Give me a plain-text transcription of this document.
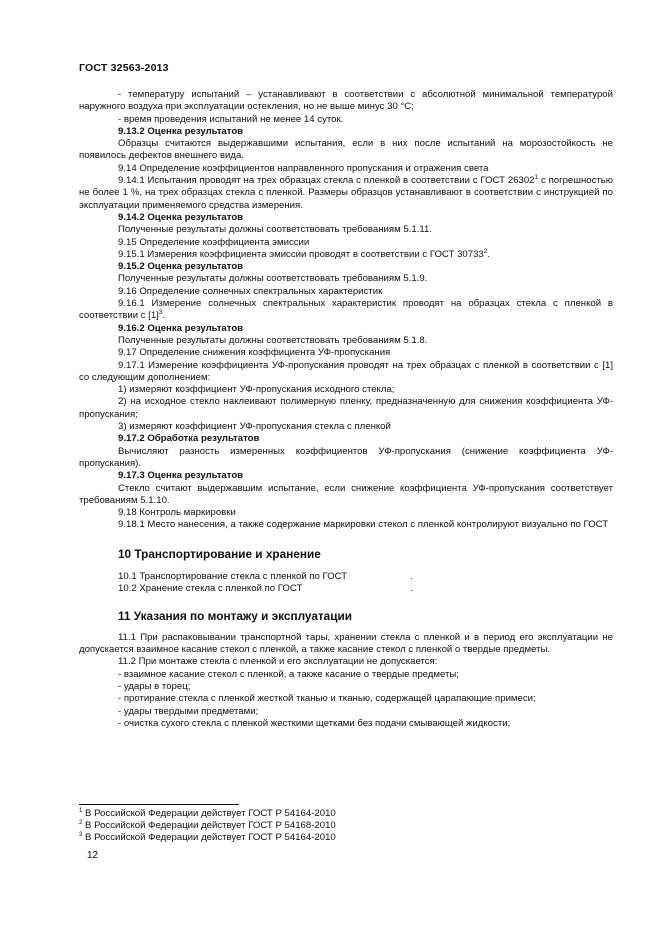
ГОСТ 32563-2013

- температуру испытаний – устанавливают в соответствии с абсолютной минимальной температурой наружного воздуха при эксплуатации остекления, но не выше минус 30 °С;

- время проведения испытаний не менее 14 суток.

9.13.2 Оценка результатов

Образцы считаются выдержавшими испытания, если в них после испытаний на морозостойкость не появилось дефектов внешнего вида.

9.14 Определение коэффициентов направленного пропускания и отражения света

9.14.1 Испытания проводят на трех образцах стекла с пленкой в соответствии с ГОСТ 26302$^1$ с погрешностью не более 1 %, на трех образцах стекла с пленкой. Размеры образцов устанавливают в соответствии с инструкцией по эксплуатации применяемого средства измерения.

9.14.2 Оценка результатов

Полученные результаты должны соответствовать требованиям 5.1.11.

9.15 Определение коэффициента эмиссии

9.15.1 Измерения коэффициента эмиссии проводят в соответствии с ГОСТ 30733$^2$.

9.15.2 Оценка результатов

Полученные результаты должны соответствовать требованиям 5.1.9.

9.16 Определение солнечных спектральных характеристик

9.16.1 Измерение солнечных спектральных характеристик проводят на образцах стекла с пленкой в соответствии с $[1]^3$.

9.16.2 Оценка результатов

Полученные результаты должны соответствовать требованиям 5.1.8.

9.17 Определение снижения коэффициента УФ-пропускания

9.17.1 Измерение коэффициента УФ-пропускания проводят на трех образцах с пленкой в соответствии с [1] со следующим дополнением:

1) измеряют коэффициент УФ-пропускания исходного стекла;

2) на исходное стекло наклеивают полимерную пленку, предназначенную для снижения коэффициента УФ-пропускания;

3) измеряют коэффициент УФ-пропускания стекла с пленкой

9.17.2 Обработка результатов

Вычисляют разность измеренных коэффициентов УФ-пропускания (снижение коэффициента УФ-пропускания).

9.17.3 Оценка результатов

Стекло считают выдержавшим испытание, если снижение коэффициента УФ-пропускания соответствует требованиям 5.1.10.

9.18 Контроль маркировки

9.18.1 Место нанесения, а также содержание маркировки стекол с пленкой контролируют визуально по ГОСТ

10 Транспортирование и хранение
10.1 Транспортирование стекла с пленкой по ГОСТ	.
10.2 Хранение стекла с пленкой по ГОСТ	.
11 Указания по монтажу и эксплуатации

11.1 При распаковывании транспортной тары, хранении стекла с пленкой и в период его эксплуатации не допускается взаимное касание стекол с пленкой, а также касание стекол с пленкой о твердые предметы.

11.2 При монтаже стекла с пленкой и его эксплуатации не допускается:

- взаимное касание стекол с пленкой, а также касание о твердые предметы;

- удары в торец;

- протирание стекла с пленкой жесткой тканью и тканью, содержащей царапающие примеси;

- удары твердыми предметами;

- очистка сухого стекла с пленкой жесткими щетками без подачи смывающей жидкости;

$^1$ В Российской Федерации действует ГОСТ Р 54164-2010
$^2$ В Российской Федерации действует ГОСТ Р 54168-2010
$^3$ В Российской Федерации действует ГОСТ Р 54164-2010
12
